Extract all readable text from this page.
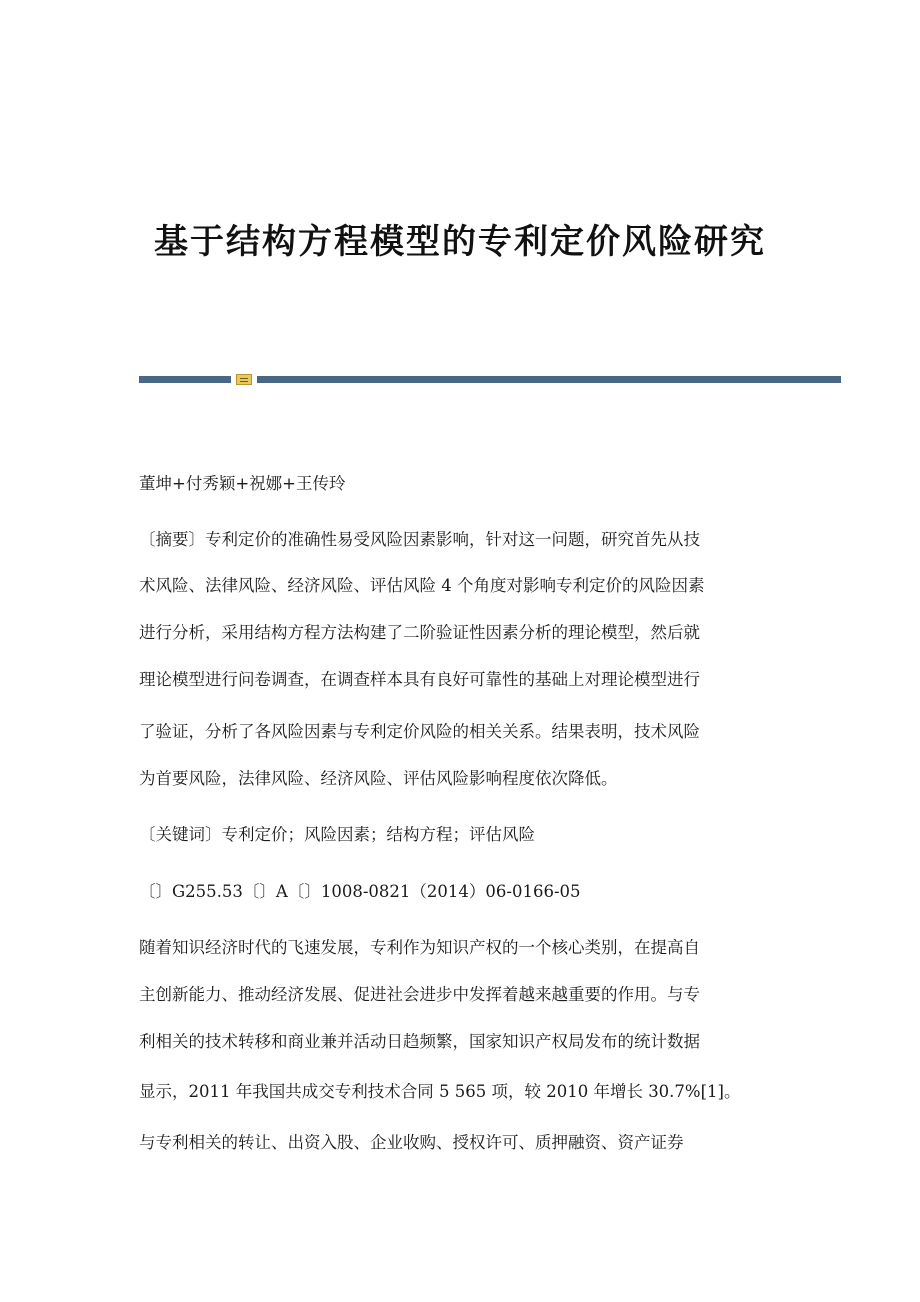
基于结构方程模型的专利定价风险研究
董坤+付秀颖+祝娜+王传玲
〔摘要〕专利定价的准确性易受风险因素影响，针对这一问题，研究首先从技
术风险、法律风险、经济风险、评估风险 4 个角度对影响专利定价的风险因素
进行分析，采用结构方程方法构建了二阶验证性因素分析的理论模型，然后就
理论模型进行问卷调查，在调查样本具有良好可靠性的基础上对理论模型进行
了验证，分析了各风险因素与专利定价风险的相关关系。结果表明，技术风险
为首要风险，法律风险、经济风险、评估风险影响程度依次降低。
〔关键词〕专利定价；风险因素；结构方程；评估风险
〔〕G255.53〔〕A〔〕1008-0821（2014）06-0166-05
随着知识经济时代的飞速发展，专利作为知识产权的一个核心类别，在提高自
主创新能力、推动经济发展、促进社会进步中发挥着越来越重要的作用。与专
利相关的技术转移和商业兼并活动日趋频繁，国家知识产权局发布的统计数据
显示，2011 年我国共成交专利技术合同 5 565 项，较 2010 年增长 30.7%[1]。
与专利相关的转让、出资入股、企业收购、授权许可、质押融资、资产证券
